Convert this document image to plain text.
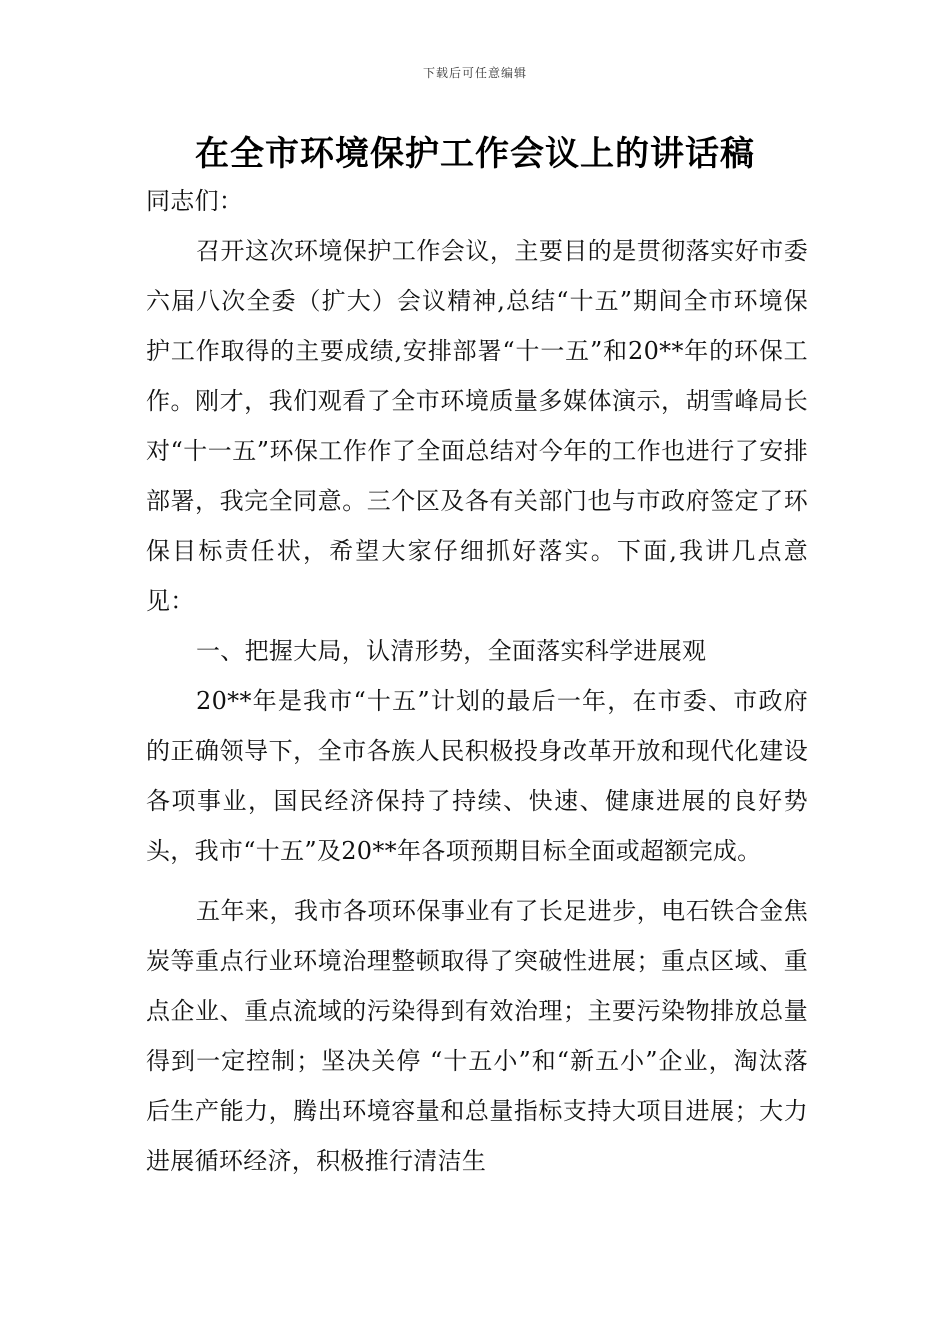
下载后可任意编辑
在全市环境保护工作会议上的讲话稿

同志们：

召开这次环境保护工作会议，主要目的是贯彻落实好市委六届八次全委（扩大）会议精神,总结“十五”期间全市环境保护工作取得的主要成绩,安排部署“十一五”和20**年的环保工作。刚才，我们观看了全市环境质量多媒体演示，胡雪峰局长对“十一五”环保工作作了全面总结对今年的工作也进行了安排部署，我完全同意。三个区及各有关部门也与市政府签定了环保目标责任状，希望大家仔细抓好落实。下面,我讲几点意见：

一、把握大局，认清形势，全面落实科学进展观

20**年是我市“十五”计划的最后一年，在市委、市政府的正确领导下，全市各族人民积极投身改革开放和现代化建设各项事业，国民经济保持了持续、快速、健康进展的良好势头，我市“十五”及20**年各项预期目标全面或超额完成。

五年来，我市各项环保事业有了长足进步，电石铁合金焦炭等重点行业环境治理整顿取得了突破性进展；重点区域、重点企业、重点流域的污染得到有效治理；主要污染物排放总量得到一定控制；坚决关停 “十五小”和“新五小”企业，淘汰落后生产能力，腾出环境容量和总量指标支持大项目进展；大力进展循环经济，积极推行清洁生
